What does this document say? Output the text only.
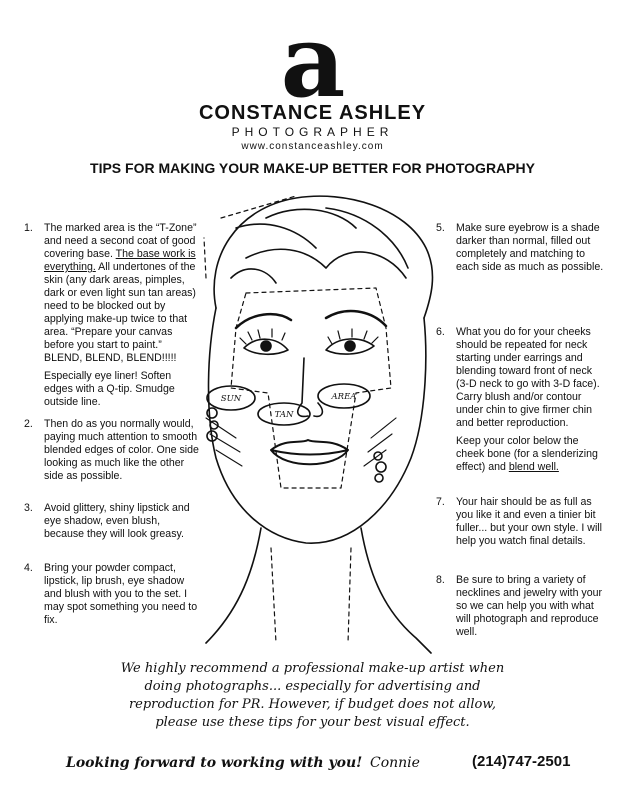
a
CONSTANCE ASHLEY
PHOTOGRAPHER
www.constanceashley.com
TIPS FOR MAKING YOUR MAKE-UP BETTER FOR PHOTOGRAPHY
1. The marked area is the “T-Zone” and need a second coat of good covering base. The base work is everything. All undertones of the skin (any dark areas, pimples, dark or even light sun tan areas) need to be blocked out by applying make-up twice to that area. “Prepare your canvas before you start to paint.” BLEND, BLEND, BLEND!!!!!

Especially eye liner! Soften edges with a Q-tip. Smudge outside line.

2. Then do as you normally would, paying much attention to smooth blended edges of color. One side looking as much like the other side as possible.

3. Avoid glittery, shiny lipstick and eye shadow, even blush, because they will look greasy.

4. Bring your powder compact, lipstick, lip brush, eye shadow and blush with you to the set. I may spot something you need to fix.

5. Make sure eyebrow is a shade darker than normal, filled out completely and matching to each side as much as possible.

6. What you do for your cheeks should be repeated for neck starting under earrings and blending toward front of neck (3-D neck to go with 3-D face). Carry blush and/or contour under chin to give firmer chin and better reproduction.

Keep your color below the cheek bone (for a slenderizing effect) and blend well.

7. Your hair should be as full as you like it and even a tinier bit fuller... but your own style. I will help you watch final details.

8. Be sure to bring a variety of necklines and jewelry with your so we can help you with what will photograph and reproduce well.

SUN
TAN
AREA
We highly recommend a professional make-up artist when
doing photographs... especially for advertising and
reproduction for PR. However, if budget does not allow,
please use these tips for your best visual effect.
Looking forward to working with you! Connie	(214)747-2501
